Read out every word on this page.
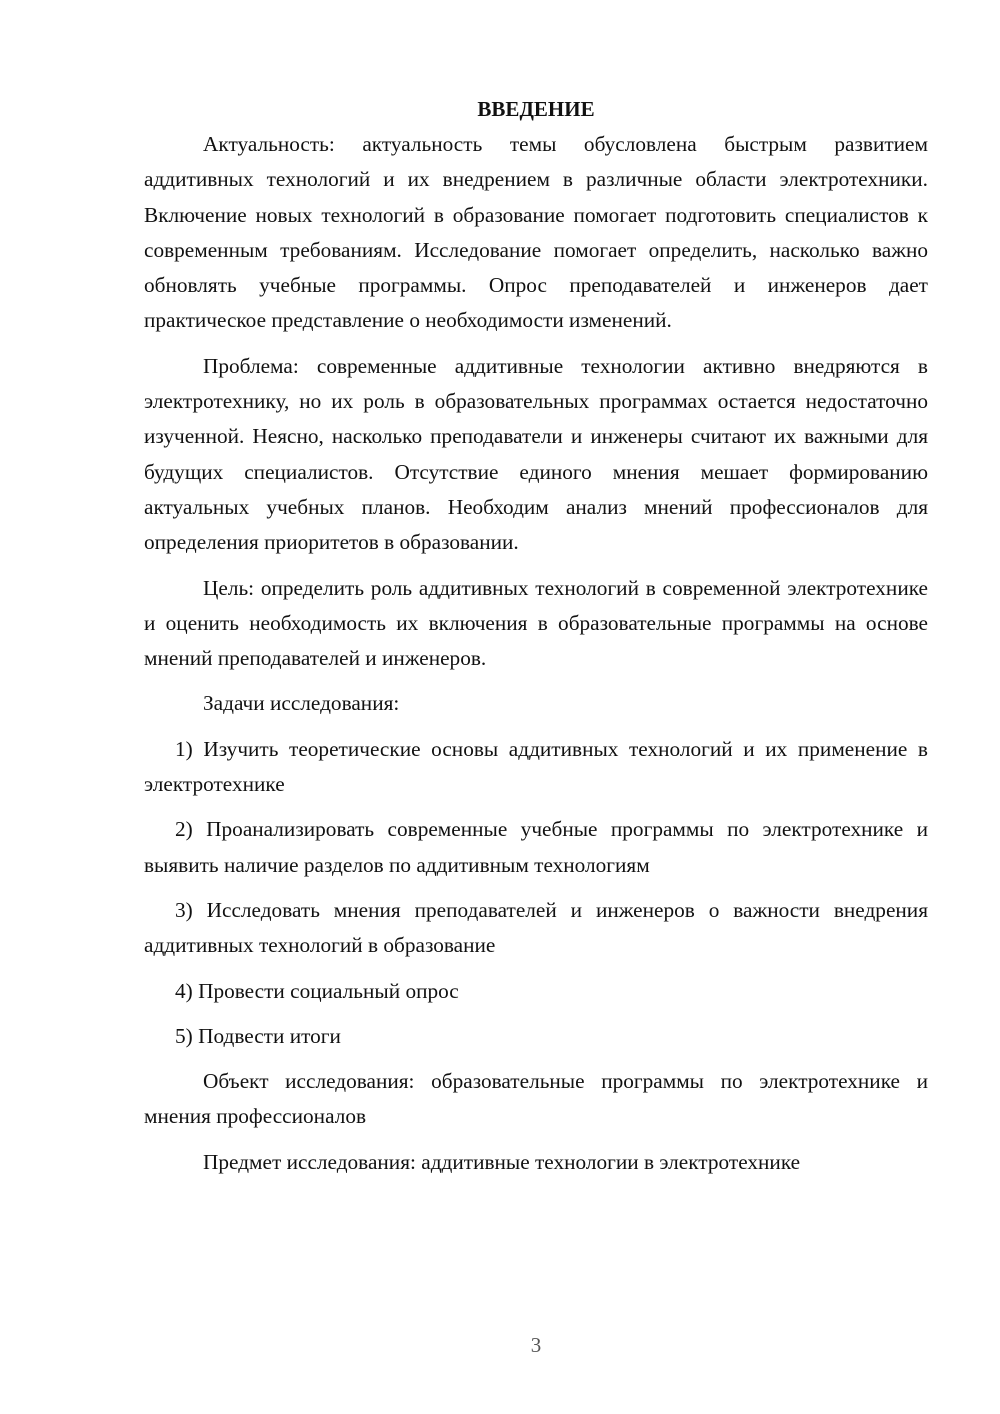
ВВЕДЕНИЕ

Актуальность: актуальность темы обусловлена быстрым развитием аддитивных технологий и их внедрением в различные области электротехники. Включение новых технологий в образование помогает подготовить специалистов к современным требованиям. Исследование помогает определить, насколько важно обновлять учебные программы. Опрос преподавателей и инженеров дает практическое представление о необходимости изменений.

Проблема: современные аддитивные технологии активно внедряются в электротехнику, но их роль в образовательных программах остается недостаточно изученной. Неясно, насколько преподаватели и инженеры считают их важными для будущих специалистов. Отсутствие единого мнения мешает формированию актуальных учебных планов. Необходим анализ мнений профессионалов для определения приоритетов в образовании.

Цель: определить роль аддитивных технологий в современной электротехнике и оценить необходимость их включения в образовательные программы на основе мнений преподавателей и инженеров.

Задачи исследования:

1) Изучить теоретические основы аддитивных технологий и их применение в электротехнике

2) Проанализировать современные учебные программы по электротехнике и выявить наличие разделов по аддитивным технологиям

3) Исследовать мнения преподавателей и инженеров о важности внедрения аддитивных технологий в образование

4) Провести социальный опрос

5) Подвести итоги

Объект исследования: образовательные программы по электротехнике и мнения профессионалов

Предмет исследования: аддитивные технологии в электротехнике

3
